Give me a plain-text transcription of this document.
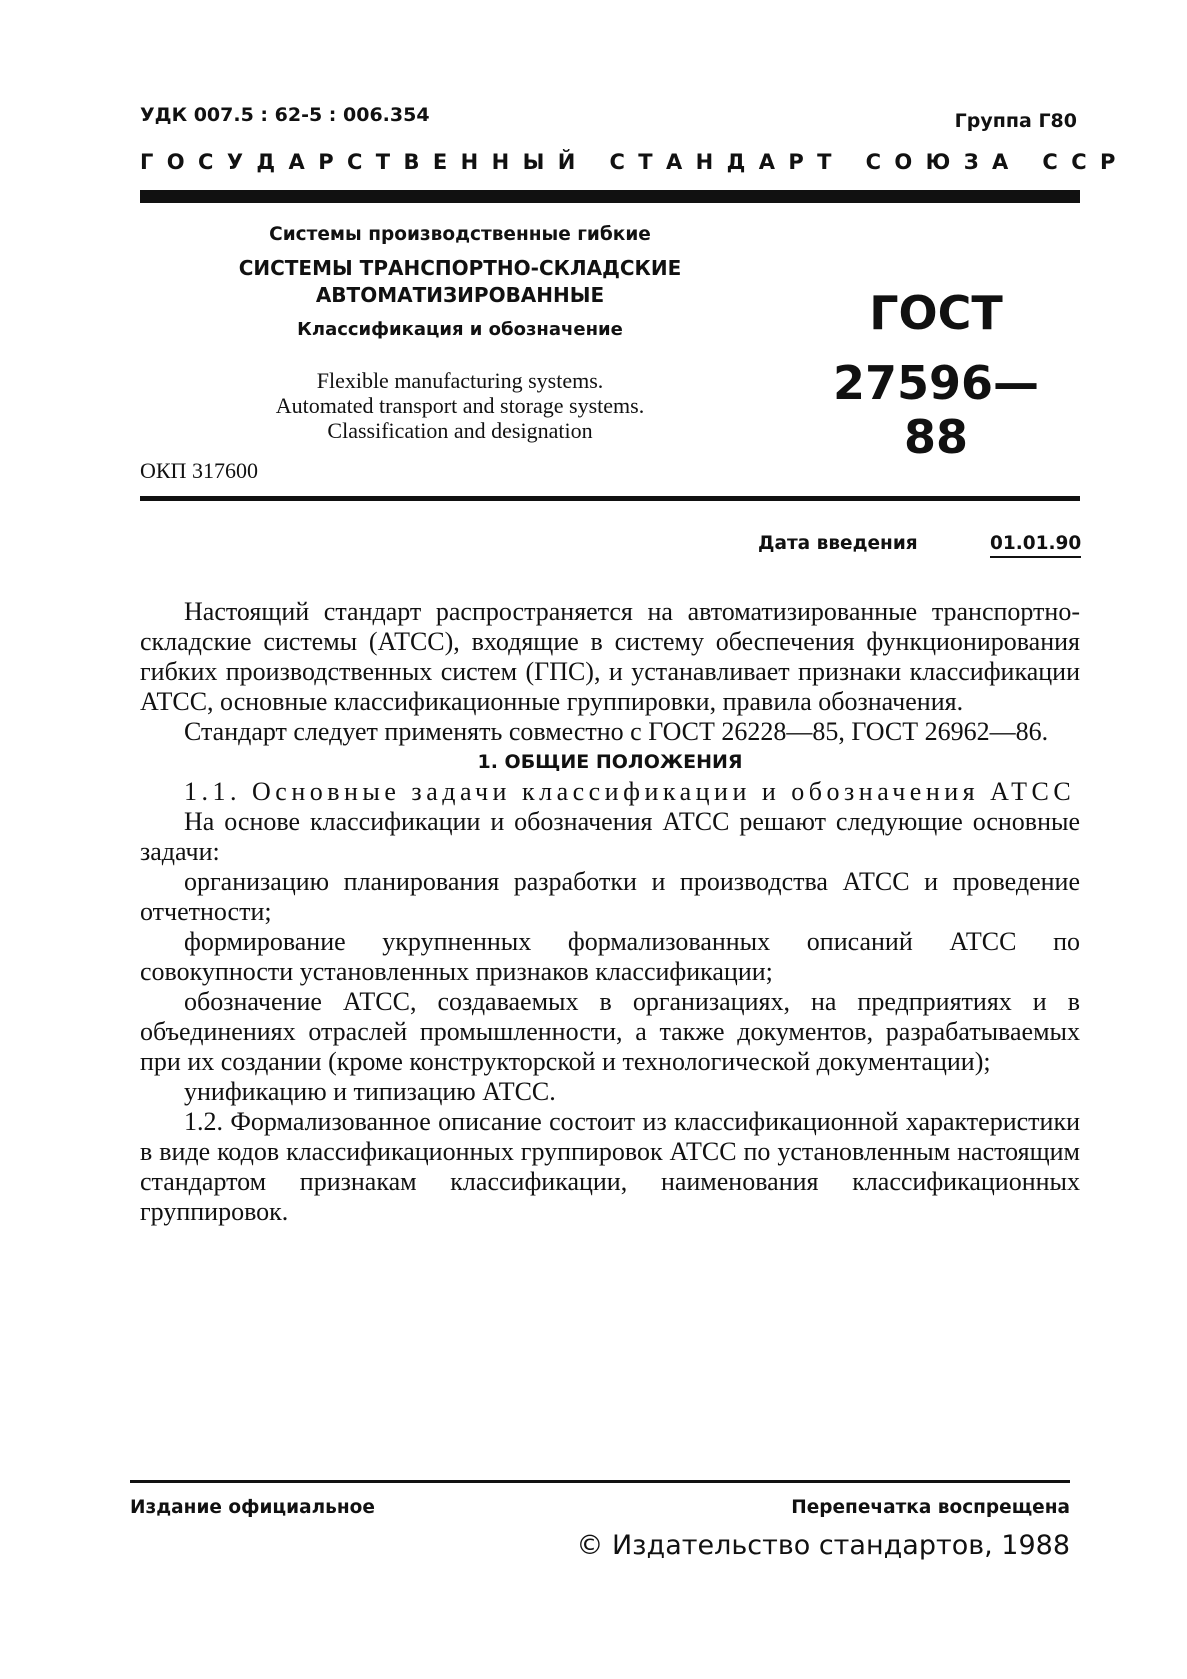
УДК 007.5 : 62-5 : 006.354	Группа Г80
ГОСУДАРСТВЕННЫЙ СТАНДАРТ СОЮЗА ССР
Системы производственные гибкие
СИСТЕМЫ ТРАНСПОРТНО-СКЛАДСКИЕ
АВТОМАТИЗИРОВАННЫЕ
Классификация и обозначение
Flexible manufacturing systems.
Automated transport and storage systems.
Classification and designation
ГОСТ
27596—88
ОКП 317600
Дата введения	01.01.90

Настоящий стандарт распространяется на автоматизированные транспортно-складские системы (АТСС), входящие в систему обеспечения функционирования гибких производственных систем (ГПС), и устанавливает признаки классификации АТСС, основные классификационные группировки, правила обозначения.

Стандарт следует применять совместно с ГОСТ 26228—85, ГОСТ 26962—86.

1. ОБЩИЕ ПОЛОЖЕНИЯ

1.1. Основные задачи классификации и обозначения АТСС

На основе классификации и обозначения АТСС решают следующие основные задачи:

организацию планирования разработки и производства АТСС и проведение отчетности;

формирование укрупненных формализованных описаний АТСС по совокупности установленных признаков классификации;

обозначение АТСС, создаваемых в организациях, на предприятиях и в объединениях отраслей промышленности, а также документов, разрабатываемых при их создании (кроме конструкторской и технологической документации);

унификацию и типизацию АТСС.

1.2. Формализованное описание состоит из классификационной характеристики в виде кодов классификационных группировок АТСС по установленным настоящим стандартом признакам классификации, наименования классификационных группировок.

Издание официальное	Перепечатка воспрещена
© Издательство стандартов, 1988
